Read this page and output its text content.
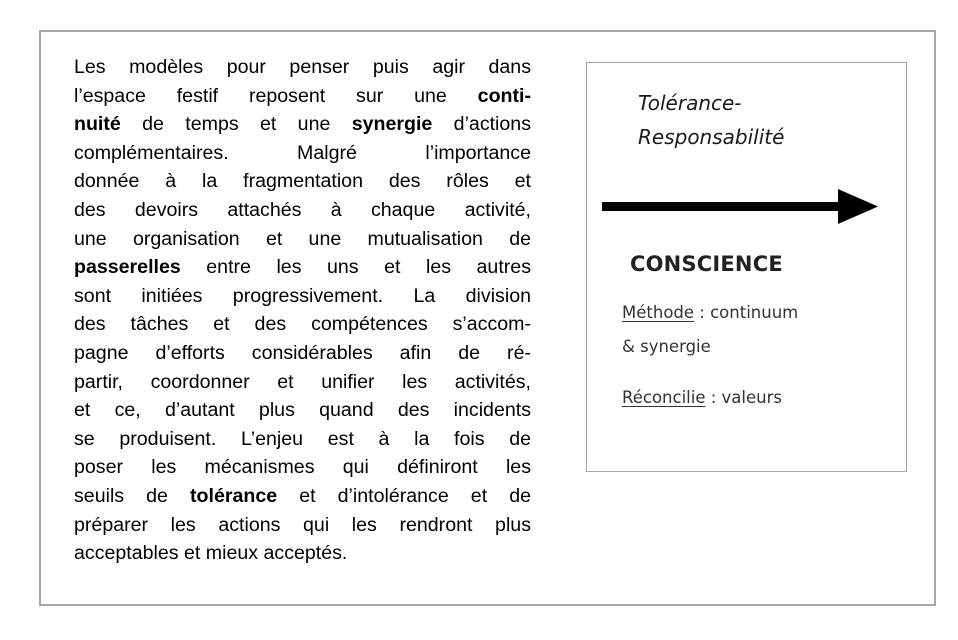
Les modèles pour penser puis agir dans
l’espace festif reposent sur une conti-
nuité de temps et une synergie d’actions
complémentaires. Malgré l’importance
donnée à la fragmentation des rôles et
des devoirs attachés à chaque activité,
une organisation et une mutualisation de
passerelles entre les uns et les autres
sont initiées progressivement. La division
des tâches et des compétences s’accom-
pagne d’efforts considérables afin de ré-
partir, coordonner et unifier les activités,
et ce, d’autant plus quand des incidents
se produisent. L’enjeu est à la fois de
poser les mécanismes qui définiront les
seuils de tolérance et d’intolérance et de
préparer les actions qui les rendront plus
acceptables et mieux acceptés.
Tolérance-
Responsabilité
CONSCIENCE
Méthode : continuum
& synergie
Réconcilie : valeurs
